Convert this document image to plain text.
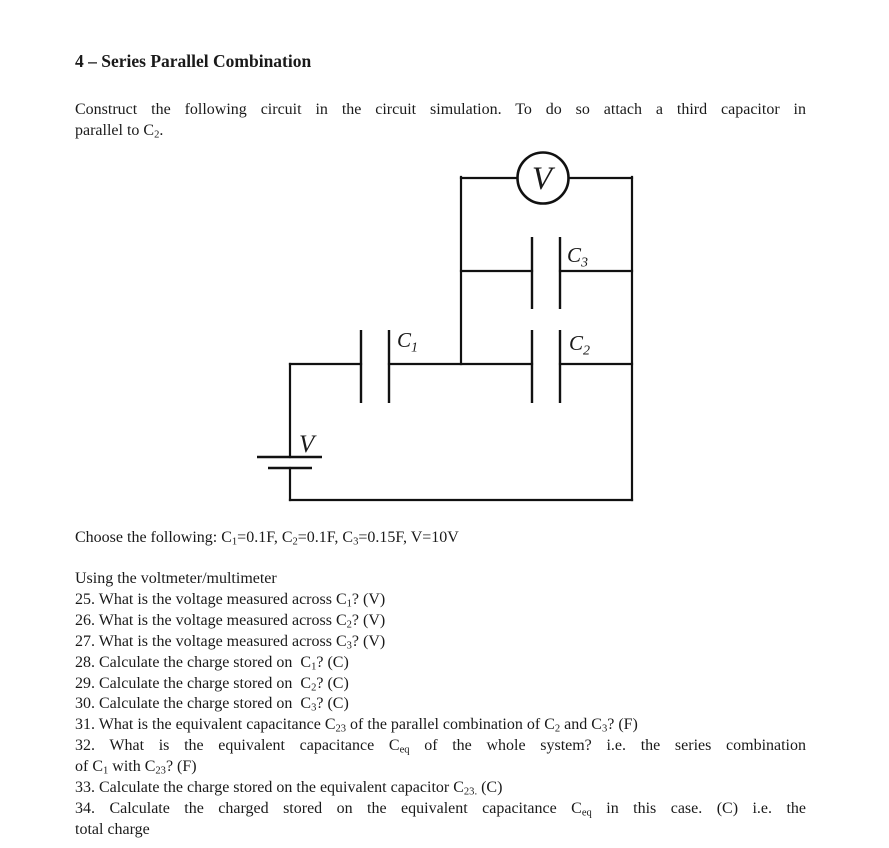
4 – Series Parallel Combination
Construct the following circuit in the circuit simulation. To do so attach a third capacitor in
parallel to $C_2$.
V
$C_3$
$C_1$	$C_2$
V
Choose the following: $C_1=0.1F$, $C_2=0.1F$, $C_3=0.15F$, V=10V
Using the voltmeter/multimeter
25. What is the voltage measured across $C_1$? (V)
26. What is the voltage measured across $C_2$? (V)
27. What is the voltage measured across $C_3$? (V)
28. Calculate the charge stored on  $C_1$? (C)
29. Calculate the charge stored on  $C_2$? (C)
30. Calculate the charge stored on  $C_3$? (C)
31. What is the equivalent capacitance $C_{23}$ of the parallel combination of $C_2$ and $C_3$? (F)
32. What is the equivalent capacitance $C_{eq}$ of the whole system? i.e. the series combination
of $C_1$ with $C_{23}$? (F)
33. Calculate the charge stored on the equivalent capacitor $C_{23.}$ (C)
34. Calculate the charged stored on the equivalent capacitance $C_{eq}$ in this case. (C) i.e. the
total charge
